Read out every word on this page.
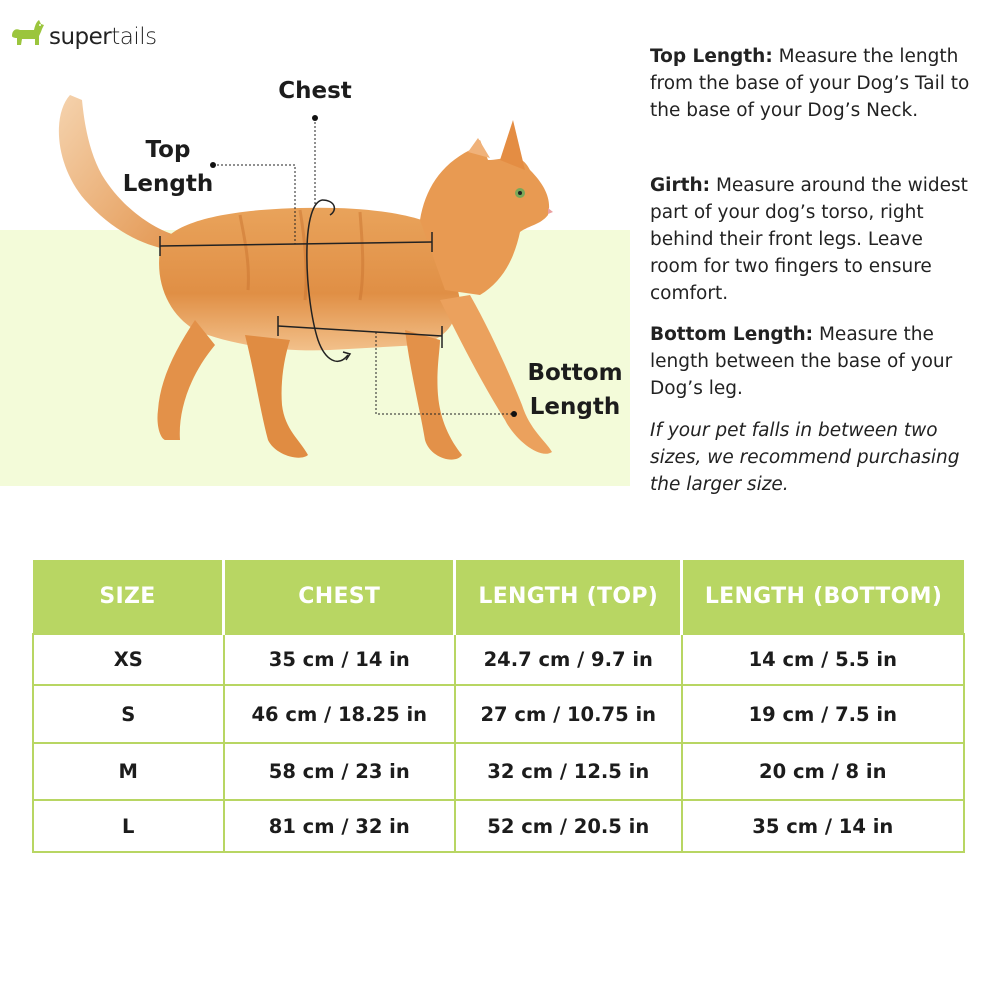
supertails
Chest
Top
Length
Bottom
Length

Top Length: Measure the length from the base of your Dog’s Tail to the base of your Dog’s Neck.

Girth: Measure around the widest part of your dog’s torso, right behind their front legs. Leave room for two fingers to ensure comfort.

Bottom Length: Measure the length between the base of your Dog’s leg.

If your pet falls in between two sizes, we recommend purchasing the larger size.

SIZE	CHEST	LENGTH (TOP)	LENGTH (BOTTOM)
XS	35 cm / 14 in	24.7 cm / 9.7 in	14 cm / 5.5 in
S	46 cm / 18.25 in	27 cm / 10.75 in	19 cm / 7.5 in
M	58 cm / 23 in	32 cm / 12.5 in	20 cm / 8 in
L	81 cm / 32 in	52 cm / 20.5 in	35 cm / 14 in
